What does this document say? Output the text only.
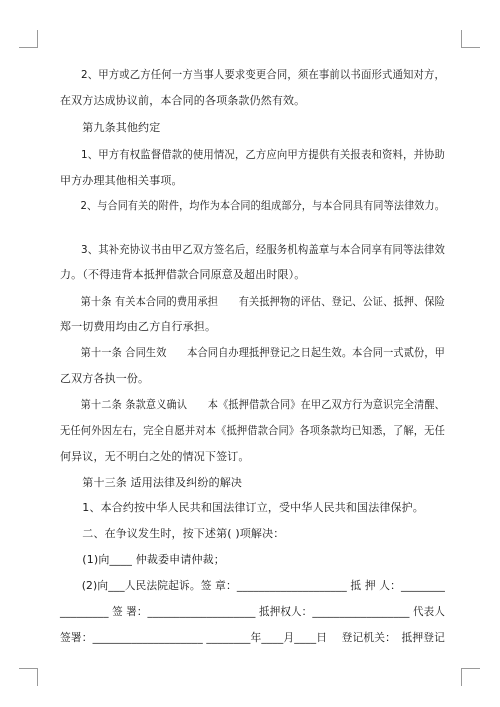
　　2、甲方或乙方任何一方当事人要求变更合同，须在事前以书面形式通知对方，
在双方达成协议前，本合同的各项条款仍然有效。
　　第九条其他约定
　　1、甲方有权监督借款的使用情况，乙方应向甲方提供有关报表和资料，并协助
甲方办理其他相关事项。
　　2、与合同有关的附件，均作为本合同的组成部分，与本合同具有同等法律效力。
　　3、其补充协议书由甲乙双方签名后，经服务机构盖章与本合同享有同等法律效
力。（不得违背本抵押借款合同原意及超出时限）。
　　第十条 有关本合同的费用承担　　有关抵押物的评估、登记、公证、抵押、保险
郑一切费用均由乙方自行承担。
　　第十一条 合同生效　　本合同自办理抵押登记之日起生效。本合同一式贰份，甲
乙双方各执一份。
　　第十二条 条款意义确认　　本《抵押借款合同》在甲乙双方行为意识完全清醒、
无任何外因左右，完全自愿并对本《抵押借款合同》各项条款均已知悉，了解，无任
何异议，无不明白之处的情况下签订。
　　第十三条 适用法律及纠纷的解决
　　1、本合约按中华人民共和国法律订立，受中华人民共和国法律保护。
　　二、在争议发生时，按下述第( )项解决：
　　(1)向____ 仲裁委申请仲裁；
　　(2)向___人民法院起诉。签 章：____________________ 抵 押 人：________
_________ 签 署：____________________ 抵押权人：__________________ 代表人
签署：____________________ ________年____月____日　 登记机关：　抵押登记
